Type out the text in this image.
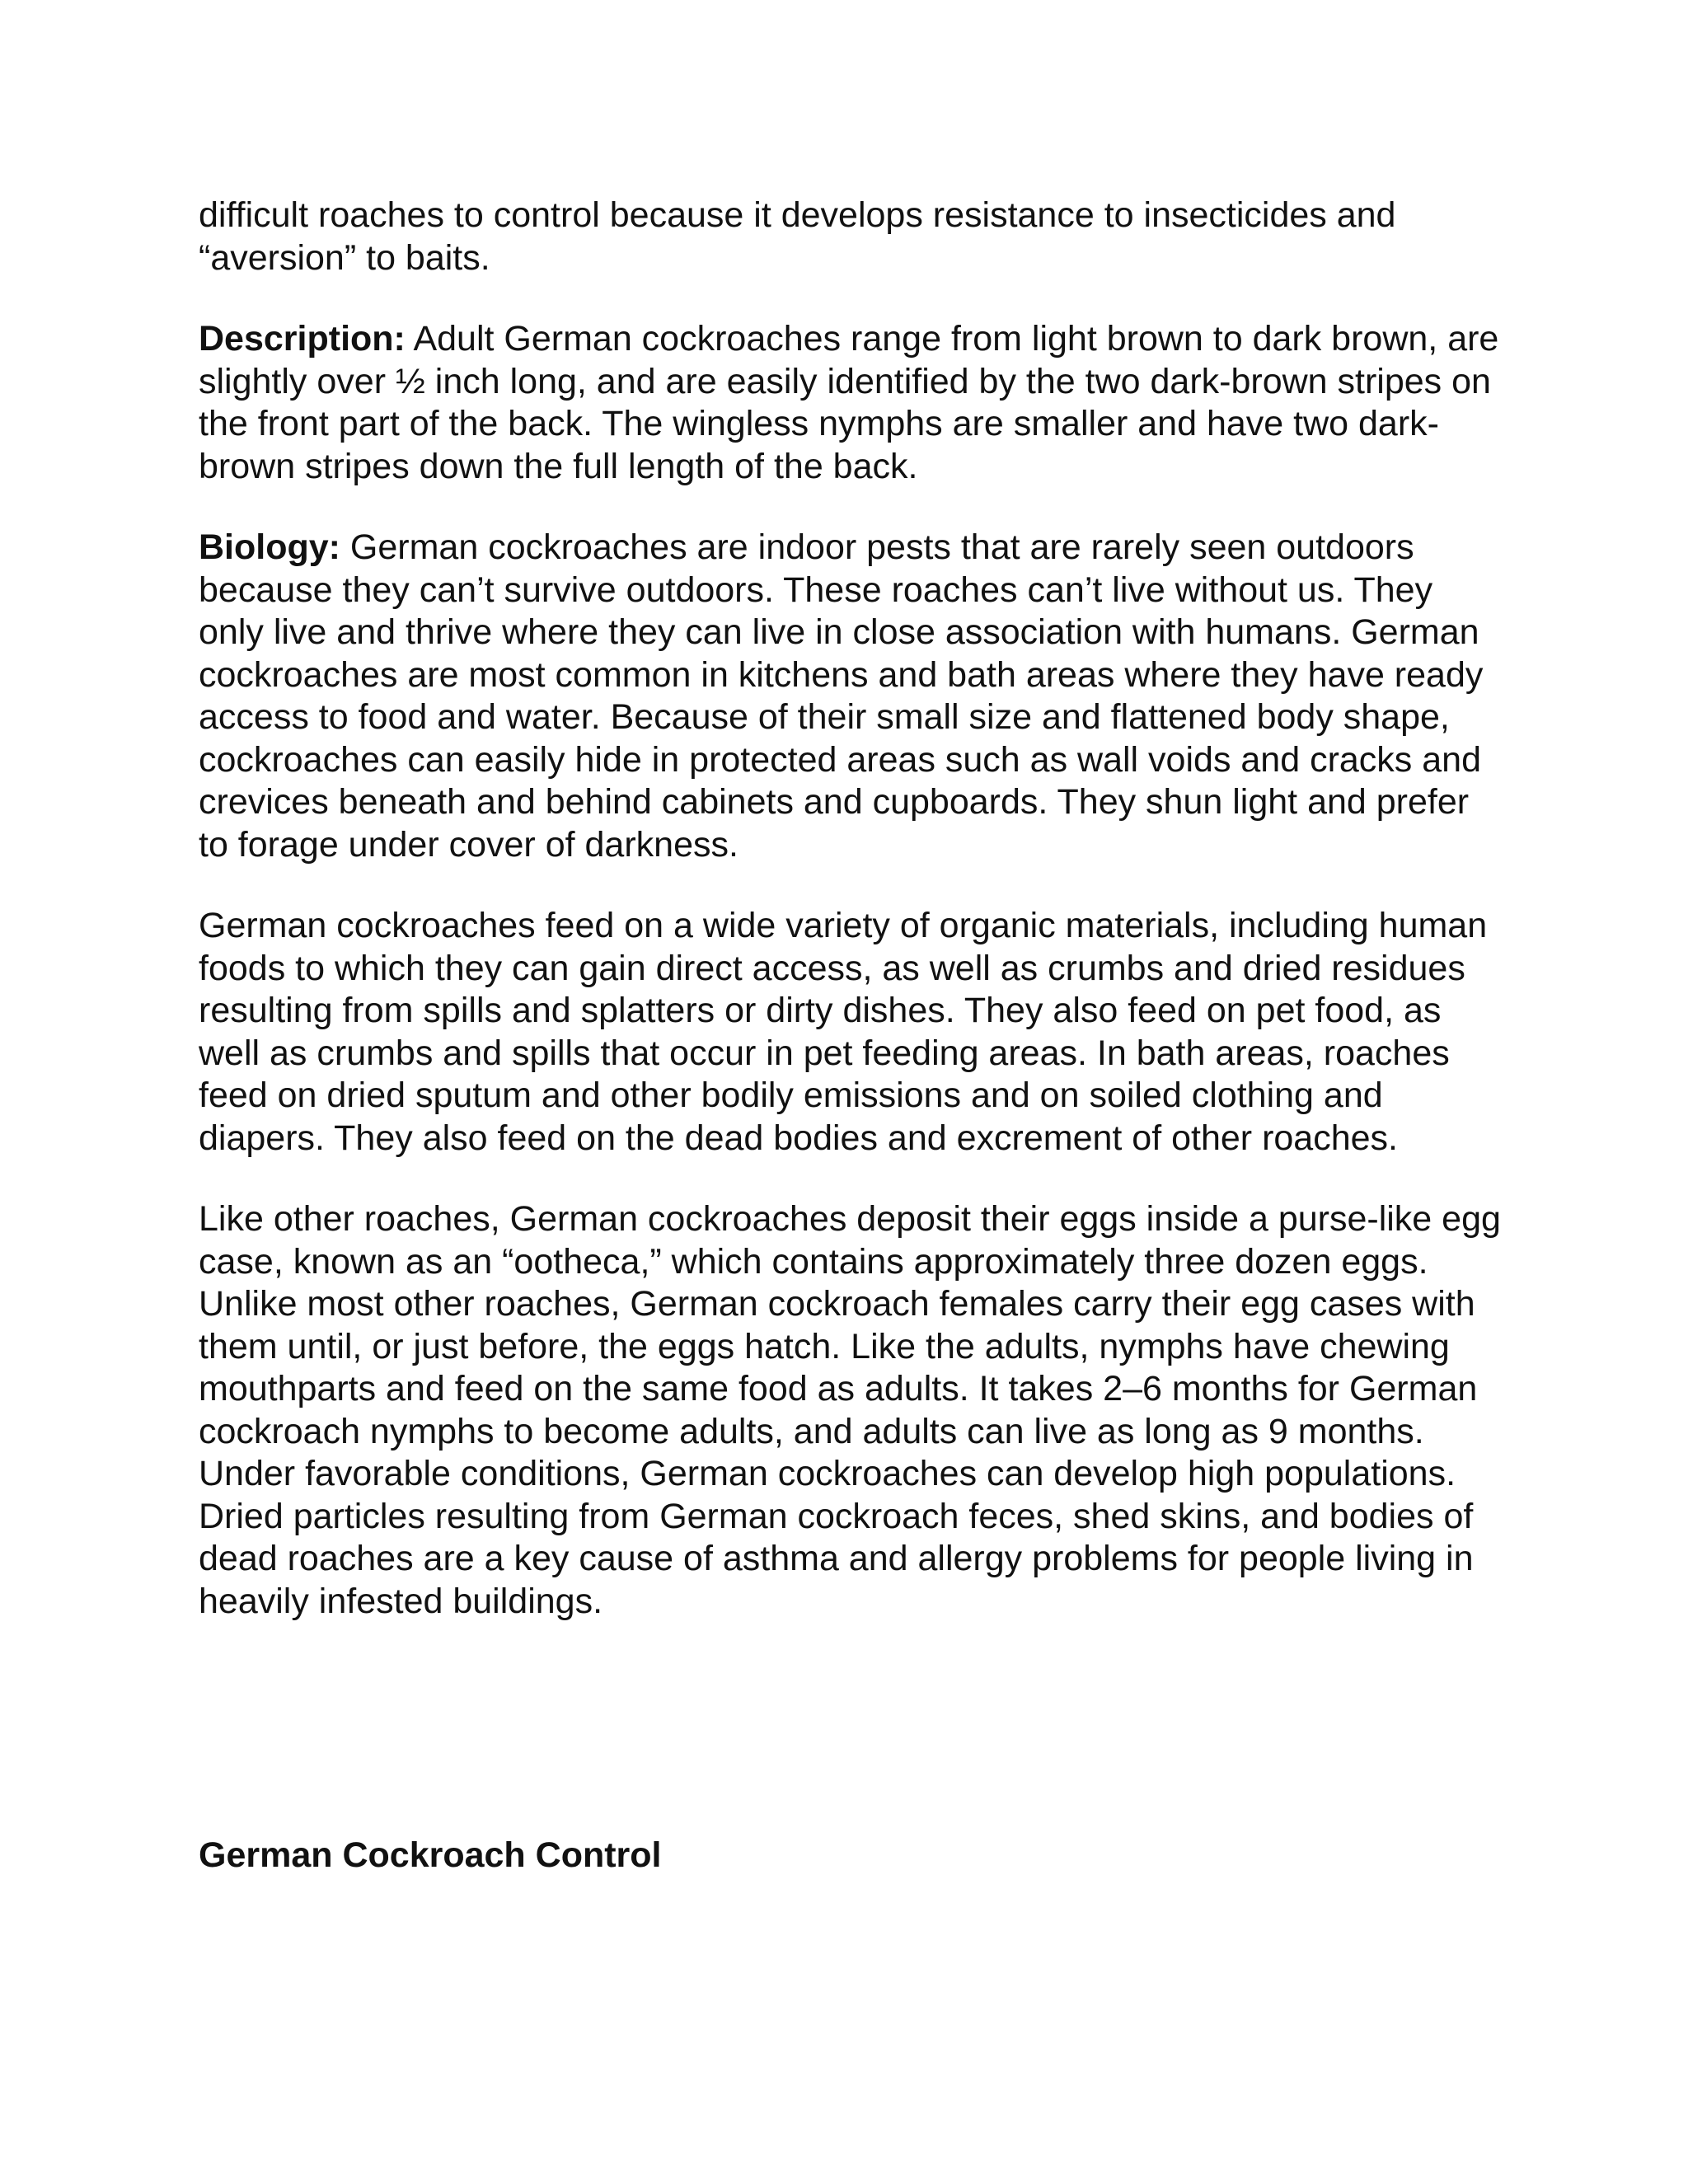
difficult roaches to control because it develops resistance to insecticides and “aversion” to baits.

Description: Adult German cockroaches range from light brown to dark brown, are slightly over ½ inch long, and are easily identified by the two dark-brown stripes on the front part of the back. The wingless nymphs are smaller and have two dark-brown stripes down the full length of the back.

Biology: German cockroaches are indoor pests that are rarely seen outdoors because they can’t survive outdoors. These roaches can’t live without us. They only live and thrive where they can live in close association with humans. German cockroaches are most common in kitchens and bath areas where they have ready access to food and water. Because of their small size and flattened body shape, cockroaches can easily hide in protected areas such as wall voids and cracks and crevices beneath and behind cabinets and cupboards. They shun light and prefer to forage under cover of darkness.

German cockroaches feed on a wide variety of organic materials, including human foods to which they can gain direct access, as well as crumbs and dried residues resulting from spills and splatters or dirty dishes. They also feed on pet food, as well as crumbs and spills that occur in pet feeding areas. In bath areas, roaches feed on dried sputum and other bodily emissions and on soiled clothing and diapers. They also feed on the dead bodies and excrement of other roaches.

Like other roaches, German cockroaches deposit their eggs inside a purse-like egg case, known as an “ootheca,” which contains approximately three dozen eggs. Unlike most other roaches, German cockroach females carry their egg cases with them until, or just before, the eggs hatch. Like the adults, nymphs have chewing mouthparts and feed on the same food as adults. It takes 2–6 months for German cockroach nymphs to become adults, and adults can live as long as 9 months. Under favorable conditions, German cockroaches can develop high populations. Dried particles resulting from German cockroach feces, shed skins, and bodies of dead roaches are a key cause of asthma and allergy problems for people living in heavily infested buildings.

German Cockroach Control
